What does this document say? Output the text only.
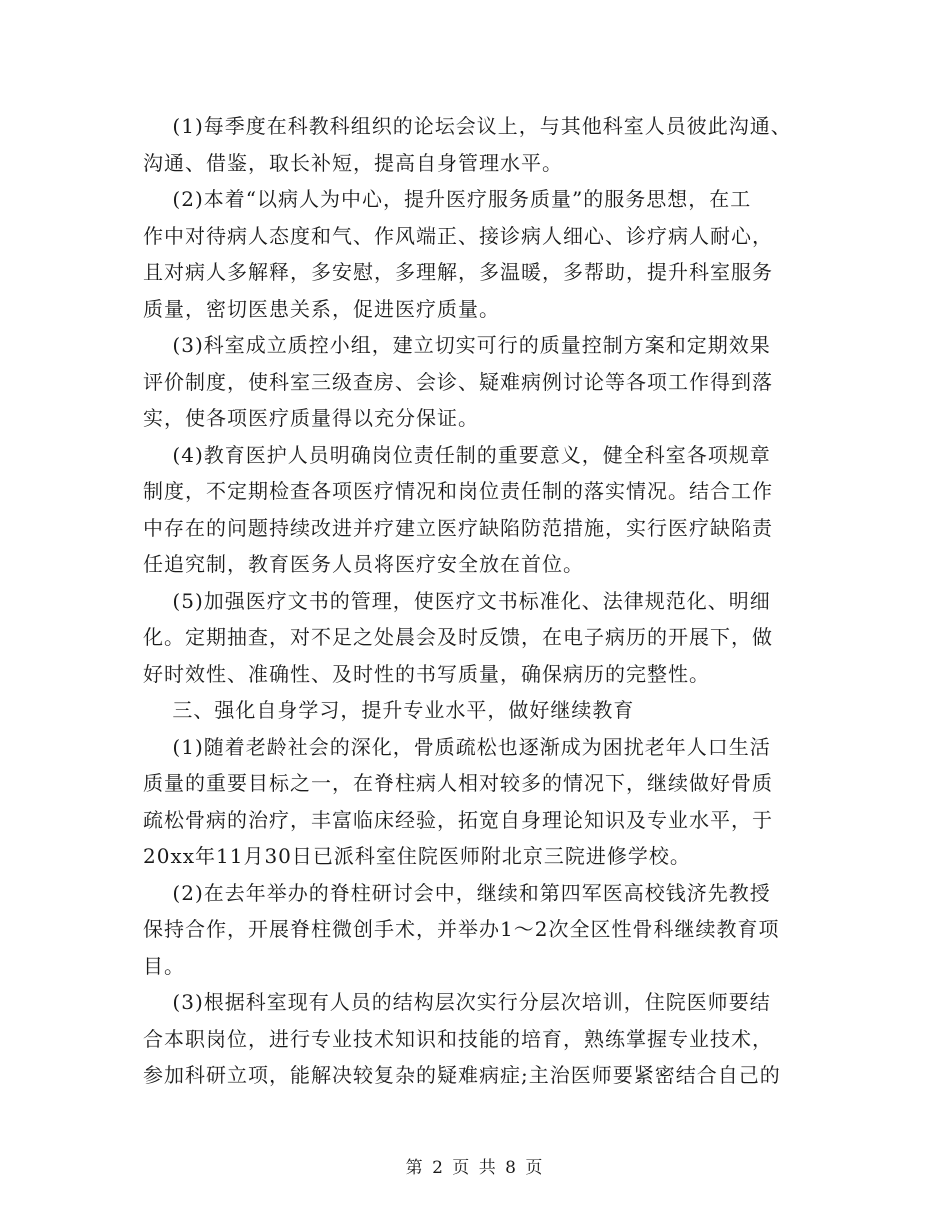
(1)每季度在科教科组织的论坛会议上，与其他科室人员彼此沟通、
沟通、借鉴，取长补短，提高自身管理水平。
(2)本着“以病人为中心，提升医疗服务质量”的服务思想，在工
作中对待病人态度和气、作风端正、接诊病人细心、诊疗病人耐心，
且对病人多解释，多安慰，多理解，多温暖，多帮助，提升科室服务
质量，密切医患关系，促进医疗质量。
(3)科室成立质控小组，建立切实可行的质量控制方案和定期效果
评价制度，使科室三级查房、会诊、疑难病例讨论等各项工作得到落
实，使各项医疗质量得以充分保证。
(4)教育医护人员明确岗位责任制的重要意义，健全科室各项规章
制度，不定期检查各项医疗情况和岗位责任制的落实情况。结合工作
中存在的问题持续改进并疗建立医疗缺陷防范措施，实行医疗缺陷责
任追究制，教育医务人员将医疗安全放在首位。
(5)加强医疗文书的管理，使医疗文书标准化、法律规范化、明细
化。定期抽查，对不足之处晨会及时反馈，在电子病历的开展下，做
好时效性、准确性、及时性的书写质量，确保病历的完整性。
三、强化自身学习，提升专业水平，做好继续教育
(1)随着老龄社会的深化，骨质疏松也逐渐成为困扰老年人口生活
质量的重要目标之一，在脊柱病人相对较多的情况下，继续做好骨质
疏松骨病的治疗，丰富临床经验，拓宽自身理论知识及专业水平，于
20xx年11月30日已派科室住院医师附北京三院进修学校。
(2)在去年举办的脊柱研讨会中，继续和第四军医高校钱济先教授
保持合作，开展脊柱微创手术，并举办1～2次全区性骨科继续教育项
目。
(3)根据科室现有人员的结构层次实行分层次培训，住院医师要结
合本职岗位，进行专业技术知识和技能的培育，熟练掌握专业技术，
参加科研立项，能解决较复杂的疑难病症;主治医师要紧密结合自己的
第 2 页 共 8 页
